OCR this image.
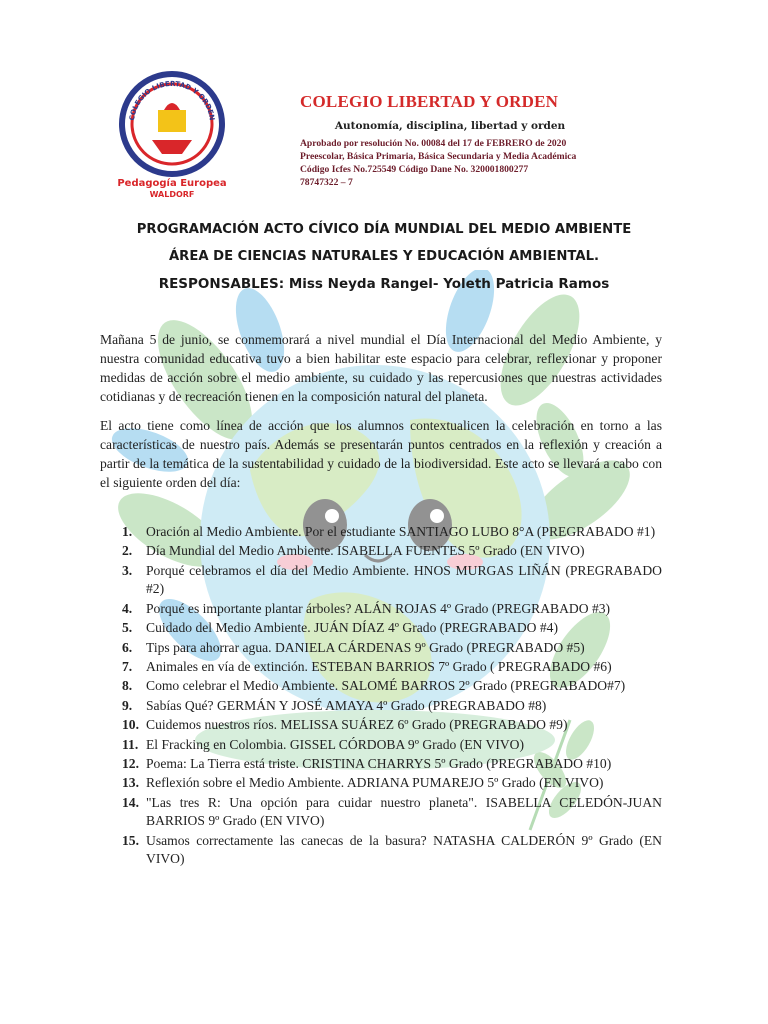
COLEGIO LIBERTAD Y ORDEN
Pedagogía Europea
WALDORF
COLEGIO LIBERTAD Y ORDEN
Autonomía, disciplina, libertad y orden
Aprobado por resolución No. 00084 del 17 de FEBRERO de 2020
Preescolar, Básica Primaria, Básica Secundaria y Media Académica
Código Icfes No.725549 Código Dane No. 320001800277
78747322 – 7
PROGRAMACIÓN ACTO CÍVICO DÍA MUNDIAL DEL MEDIO AMBIENTE
ÁREA DE CIENCIAS NATURALES Y EDUCACIÓN AMBIENTAL.
RESPONSABLES: Miss Neyda Rangel- Yoleth Patricia Ramos
Mañana 5 de junio, se conmemorará a nivel mundial el Día Internacional del Medio Ambiente, y nuestra comunidad educativa tuvo a bien habilitar este espacio para celebrar, reflexionar y proponer medidas de acción sobre el medio ambiente, su cuidado y las repercusiones que nuestras actividades cotidianas y de recreación tienen en la composición natural del planeta.
El acto tiene como línea de acción que los alumnos contextualicen la celebración en torno a las características de nuestro país. Además se presentarán puntos centrados en la reflexión y creación a partir de la temática de la sustentabilidad y cuidado de la biodiversidad. Este acto se llevará a cabo con el siguiente orden del día:
1. Oración al Medio Ambiente. Por el estudiante SANTIAGO LUBO 8°A (PREGRABADO #1)
2. Día Mundial del Medio Ambiente. ISABELLA FUENTES 5º Grado (EN VIVO)
3. Porqué celebramos el día del Medio Ambiente. HNOS MURGAS LIÑÁN (PREGRABADO #2)
4. Porqué es importante plantar árboles? ALÁN ROJAS 4º Grado (PREGRABADO #3)
5. Cuidado del Medio Ambiente. JUÁN DÍAZ 4º Grado (PREGRABADO #4)
6. Tips para ahorrar agua. DANIELA CÁRDENAS 9º Grado (PREGRABADO #5)
7. Animales en vía de extinción. ESTEBAN BARRIOS 7º Grado ( PREGRABADO #6)
8. Como celebrar el Medio Ambiente. SALOMÉ BARROS 2º Grado (PREGRABADO#7)
9. Sabías Qué? GERMÁN Y JOSÉ AMAYA 4º Grado (PREGRABADO #8)
10. Cuidemos nuestros ríos. MELISSA SUÁREZ 6º Grado (PREGRABADO #9)
11. El Fracking en Colombia. GISSEL CÓRDOBA 9º Grado (EN VIVO)
12. Poema: La Tierra está triste. CRISTINA CHARRYS 5º Grado (PREGRABADO #10)
13. Reflexión sobre el Medio Ambiente. ADRIANA PUMAREJO 5º Grado (EN VIVO)
14. "Las tres R: Una opción para cuidar nuestro planeta". ISABELLA CELEDÓN-JUAN BARRIOS 9º Grado (EN VIVO)
15. Usamos correctamente las canecas de la basura? NATASHA CALDERÓN 9º Grado (EN VIVO)
